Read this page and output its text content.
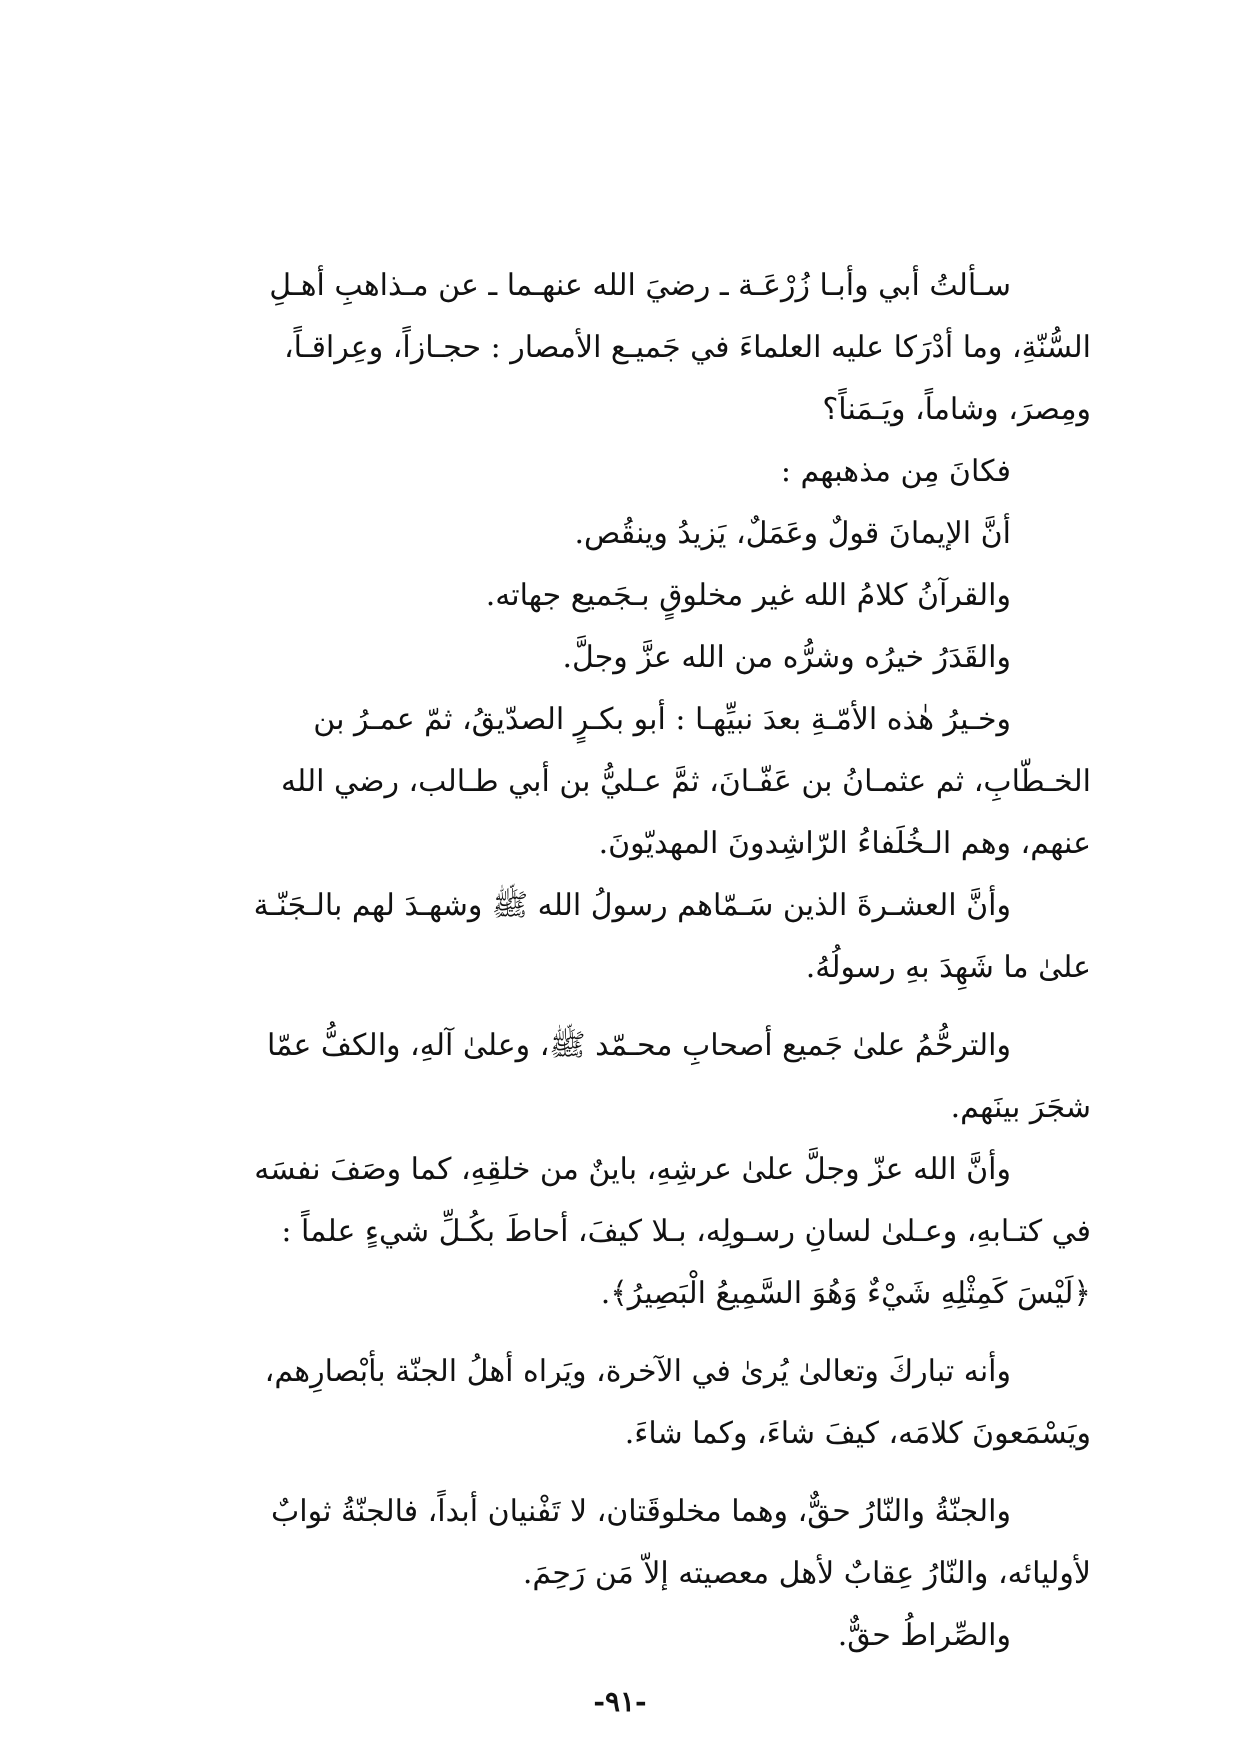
سـألتُ أبي وأبـا زُرْعَـة ـ رضيَ الله عنهـما ـ عن مـذاهبِ أهـلِ
السُّنّةِ، وما أدْرَكا عليه العلماءَ في جَميـع الأمصار : حجـازاً، وعِراقـاً،
ومِصرَ، وشاماً، ويَـمَناً؟
فكانَ مِن مذهبهم :
أنَّ الإيمانَ قولٌ وعَمَلٌ، يَزيدُ وينقُص.
والقرآنُ كلامُ الله غير مخلوقٍ بـجَميع جهاته.
والقَدَرُ خيرُه وشرُّه من الله عزَّ وجلَّ.
وخـيرُ هٰذه الأمّـةِ بعدَ نبيِّهـا : أبو بكـرٍ الصدّيقُ، ثمّ عمـرُ بن
الخـطّابِ، ثم عثمـانُ بن عَفّـانَ، ثمَّ عـليُّ بن أبي طـالب، رضي الله
عنهم، وهم الـخُلَفاءُ الرّاشِدونَ المهديّونَ.
وأنَّ العشـرةَ الذين سَـمّاهم رسولُ الله ﷺ وشهـدَ لهم بالـجَنّـة
علىٰ ما شَهِدَ بهِ رسولُهُ.
والترحُّمُ علىٰ جَميع أصحابِ محـمّد ﷺ، وعلىٰ آلهِ، والكفُّ عمّا
شجَرَ بينَهم.
وأنَّ الله عزّ وجلَّ علىٰ عرشِهِ، باينٌ من خلقِهِ، كما وصَفَ نفسَه
في كتـابهِ، وعـلىٰ لسانِ رسـولِه، بـلا كيفَ، أحاطَ بكُـلِّ شيءٍ علماً :
﴿لَيْسَ كَمِثْلِهِ شَيْءٌ وَهُوَ السَّمِيعُ الْبَصِيرُ﴾.
وأنه تباركَ وتعالىٰ يُرىٰ في الآخرة، ويَراه أهلُ الجنّة بأبْصارِهم،
ويَسْمَعونَ كلامَه، كيفَ شاءَ، وكما شاءَ.
والجنّةُ والنّارُ حقٌّ، وهما مخلوقَتان، لا تَفْنيان أبداً، فالجنّةُ ثوابٌ
لأوليائه، والنّارُ عِقابٌ لأهل معصيته إلاّ مَن رَحِمَ.
والصِّراطُ حقٌّ.
-٩١-
